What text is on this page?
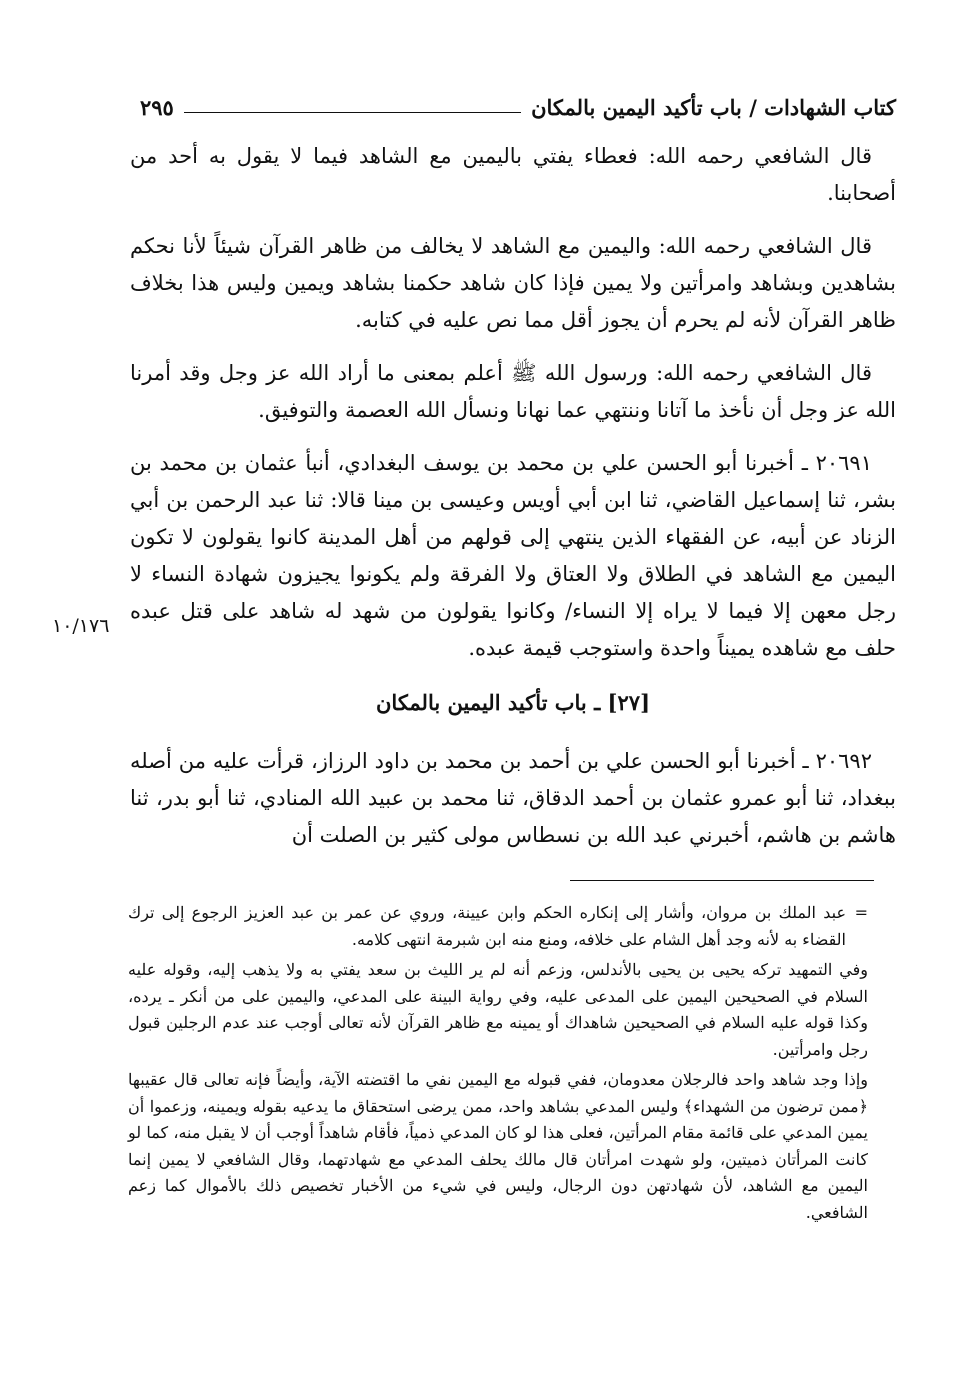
كتاب الشهادات / باب تأكيد اليمين بالمكان
٢٩٥

قال الشافعي رحمه الله: فعطاء يفتي باليمين مع الشاهد فيما لا يقول به أحد من أصحابنا.

قال الشافعي رحمه الله: واليمين مع الشاهد لا يخالف من ظاهر القرآن شيئاً لأنا نحكم بشاهدين وبشاهد وامرأتين ولا يمين فإذا كان شاهد حكمنا بشاهد ويمين وليس هذا بخلاف ظاهر القرآن لأنه لم يحرم أن يجوز أقل مما نص عليه في كتابه.

قال الشافعي رحمه الله: ورسول الله ﷺ أعلم بمعنى ما أراد الله عز وجل وقد أمرنا الله عز وجل أن نأخذ ما آتانا وننتهي عما نهانا ونسأل الله العصمة والتوفيق.

٢٠٦٩١ ـ أخبرنا أبو الحسن علي بن محمد بن يوسف البغدادي، أنبأ عثمان بن محمد بن بشر، ثنا إسماعيل القاضي، ثنا ابن أبي أويس وعيسى بن مينا قالا: ثنا عبد الرحمن بن أبي الزناد عن أبيه، عن الفقهاء الذين ينتهي إلى قولهم من أهل المدينة كانوا يقولون لا تكون اليمين مع الشاهد في الطلاق ولا العتاق ولا الفرقة ولم يكونوا يجيزون شهادة النساء لا رجل معهن إلا فيما لا يراه إلا النساء/ وكانوا يقولون من شهد له شاهد على قتل عبده حلف مع شاهده يميناً واحدة واستوجب قيمة عبده.

[٢٧] ـ باب تأكيد اليمين بالمكان

٢٠٦٩٢ ـ أخبرنا أبو الحسن علي بن أحمد بن محمد بن داود الرزاز، قرأت عليه من أصله ببغداد، ثنا أبو عمرو عثمان بن أحمد الدقاق، ثنا محمد بن عبيد الله المنادي، ثنا أبو بدر، ثنا هاشم بن هاشم، أخبرني عبد الله بن نسطاس مولى كثير بن الصلت أن

١٠/١٧٦

=
عبد الملك بن مروان، وأشار إلى إنكاره الحكم وابن عيينة، وروي عن عمر بن عبد العزيز الرجوع إلى ترك القضاء به لأنه وجد أهل الشام على خلافه، ومنع منه ابن شبرمة انتهى كلامه.

وفي التمهيد تركه يحيى بن يحيى بالأندلس، وزعم أنه لم ير الليث بن سعد يفتي به ولا يذهب إليه، وقوله عليه السلام في الصحيحين اليمين على المدعى عليه، وفي رواية البينة على المدعي، واليمين على من أنكر ـ يرده، وكذا قوله عليه السلام في الصحيحين شاهداك أو يمينه مع ظاهر القرآن لأنه تعالى أوجب عند عدم الرجلين قبول رجل وامرأتين.

وإذا وجد شاهد واحد فالرجلان معدومان، ففي قبوله مع اليمين نفي ما اقتضته الآية، وأيضاً فإنه تعالى قال عقيبها ﴿ممن ترضون من الشهداء﴾ وليس المدعي بشاهد واحد، ممن يرضى استحقاق ما يدعيه بقوله ويمينه، وزعموا أن يمين المدعي على قائمة مقام المرأتين، فعلى هذا لو كان المدعي ذمياً، فأقام شاهداً أوجب أن لا يقبل منه، كما لو كانت المرأتان ذميتين، ولو شهدت امرأتان قال مالك يحلف المدعي مع شهادتهما، وقال الشافعي لا يمين إنما اليمين مع الشاهد، لأن شهادتهن دون الرجال، وليس في شيء من الأخبار تخصيص ذلك بالأموال كما زعم الشافعي.
